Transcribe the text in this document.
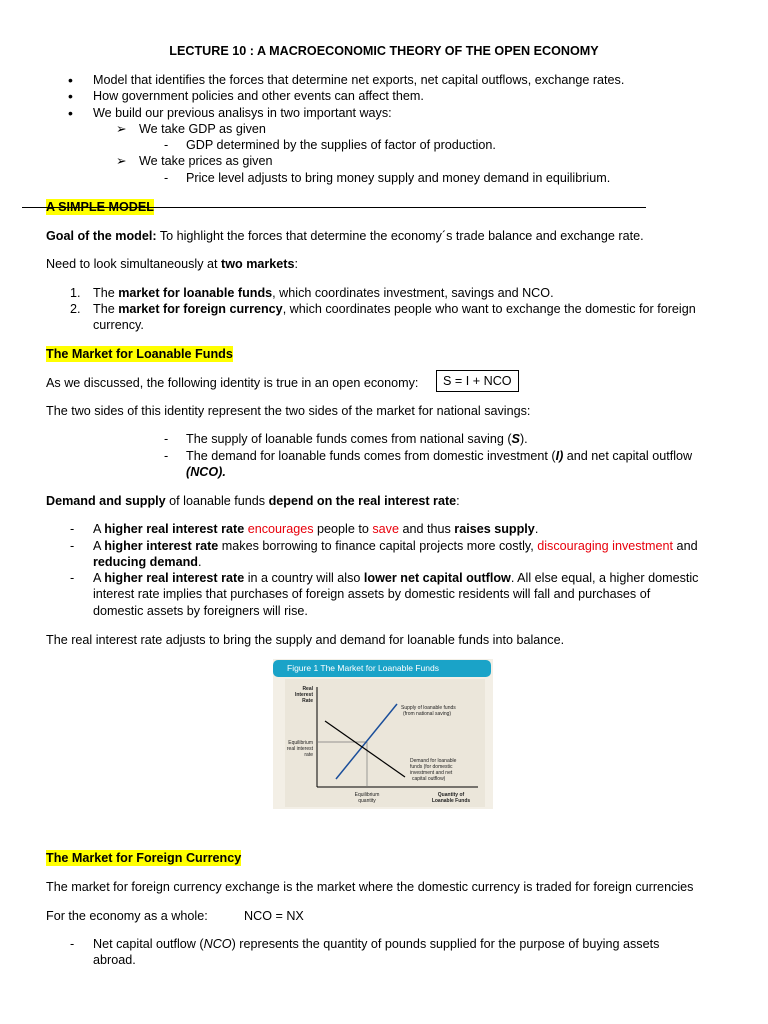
LECTURE 10 : A MACROECONOMIC THEORY OF THE OPEN ECONOMY
• Model that identifies the forces that determine net exports, net capital outflows, exchange rates.
• How government policies and other events can affect them.
• We build our previous analisys in two important ways:
➢ We take GDP as given
- GDP determined by the supplies of factor of production.
➢ We take prices as given
- Price level adjusts to bring money supply and money demand in equilibrium.
A SIMPLE MODEL
Goal of the model: To highlight the forces that determine the economy´s trade balance and exchange rate.
Need to look simultaneously at two markets:
1. The market for loanable funds, which coordinates investment, savings and NCO.
2. The market for foreign currency, which coordinates people who want to exchange the domestic for foreign
currency.
The Market for Loanable Funds
As we discussed, the following identity is true in an open economy:	S = I + NCO
The two sides of this identity represent the two sides of the market for national savings:
- The supply of loanable funds comes from national saving (S).
- The demand for loanable funds comes from domestic investment (I) and net capital outflow
(NCO).
Demand and supply of loanable funds depend on the real interest rate:
- A higher real interest rate encourages people to save and thus raises supply.
- A higher interest rate makes borrowing to finance capital projects more costly, discouraging investment and
reducing demand.
- A higher real interest rate in a country will also lower net capital outflow. All else equal, a higher domestic
interest rate implies that purchases of foreign assets by domestic residents will fall and purchases of
domestic assets by foreigners will rise.
The real interest rate adjusts to bring the supply and demand for loanable funds into balance.
Figure 1 The Market for Loanable Funds
Real
Interest
Rate
Equilibrium
real interest
rate
Supply of loanable funds
(from national saving)
Demand for loanable
funds (for domestic
investment and net
capital outflow)
Equilibrium
quantity
Quantity of
Loanable Funds
The Market for Foreign Currency
The market for foreign currency exchange is the market where the domestic currency is traded for foreign currencies
For the economy as a whole:	NCO = NX
- Net capital outflow (NCO) represents the quantity of pounds supplied for the purpose of buying assets
abroad.
